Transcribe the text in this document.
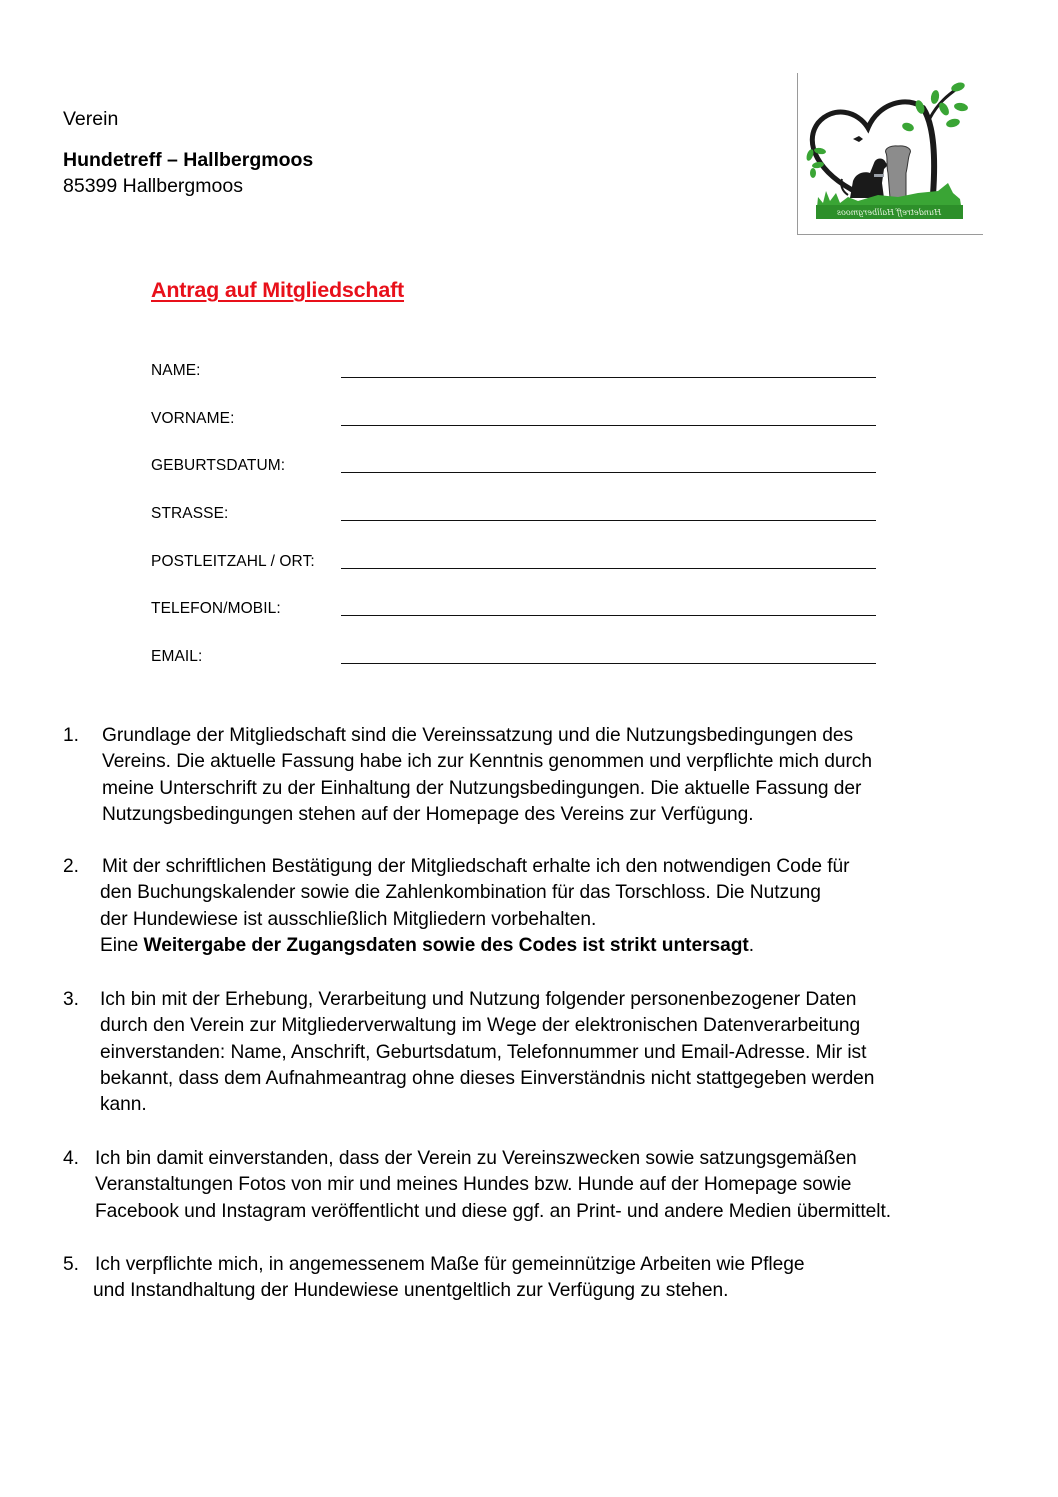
Verein
Hundetreff – Hallbergmoos
85399 Hallbergmoos
Hundetreff Hallbergmoos
Antrag auf Mitgliedschaft
NAME:
VORNAME:
GEBURTSDATUM:
STRASSE:
POSTLEITZAHL / ORT:
TELEFON/MOBIL:
EMAIL:
1. Grundlage der Mitgliedschaft sind die Vereinssatzung und die Nutzungsbedingungen des
Vereins. Die aktuelle Fassung habe ich zur Kenntnis genommen und verpflichte mich durch
meine Unterschrift zu der Einhaltung der Nutzungsbedingungen. Die aktuelle Fassung der
Nutzungsbedingungen stehen auf der Homepage des Vereins zur Verfügung.
2. Mit der schriftlichen Bestätigung der Mitgliedschaft erhalte ich den notwendigen Code für
den Buchungskalender sowie die Zahlenkombination für das Torschloss. Die Nutzung
der Hundewiese ist ausschließlich Mitgliedern vorbehalten.
Eine Weitergabe der Zugangsdaten sowie des Codes ist strikt untersagt.
3. Ich bin mit der Erhebung, Verarbeitung und Nutzung folgender personenbezogener Daten
durch den Verein zur Mitgliederverwaltung im Wege der elektronischen Datenverarbeitung
einverstanden: Name, Anschrift, Geburtsdatum, Telefonnummer und Email-Adresse. Mir ist
bekannt, dass dem Aufnahmeantrag ohne dieses Einverständnis nicht stattgegeben werden
kann.
4. Ich bin damit einverstanden, dass der Verein zu Vereinszwecken sowie satzungsgemäßen
Veranstaltungen Fotos von mir und meines Hundes bzw. Hunde auf der Homepage sowie
Facebook und Instagram veröffentlicht und diese ggf. an Print- und andere Medien übermittelt.
5. Ich verpflichte mich, in angemessenem Maße für gemeinnützige Arbeiten wie Pflege
und Instandhaltung der Hundewiese unentgeltlich zur Verfügung zu stehen.
